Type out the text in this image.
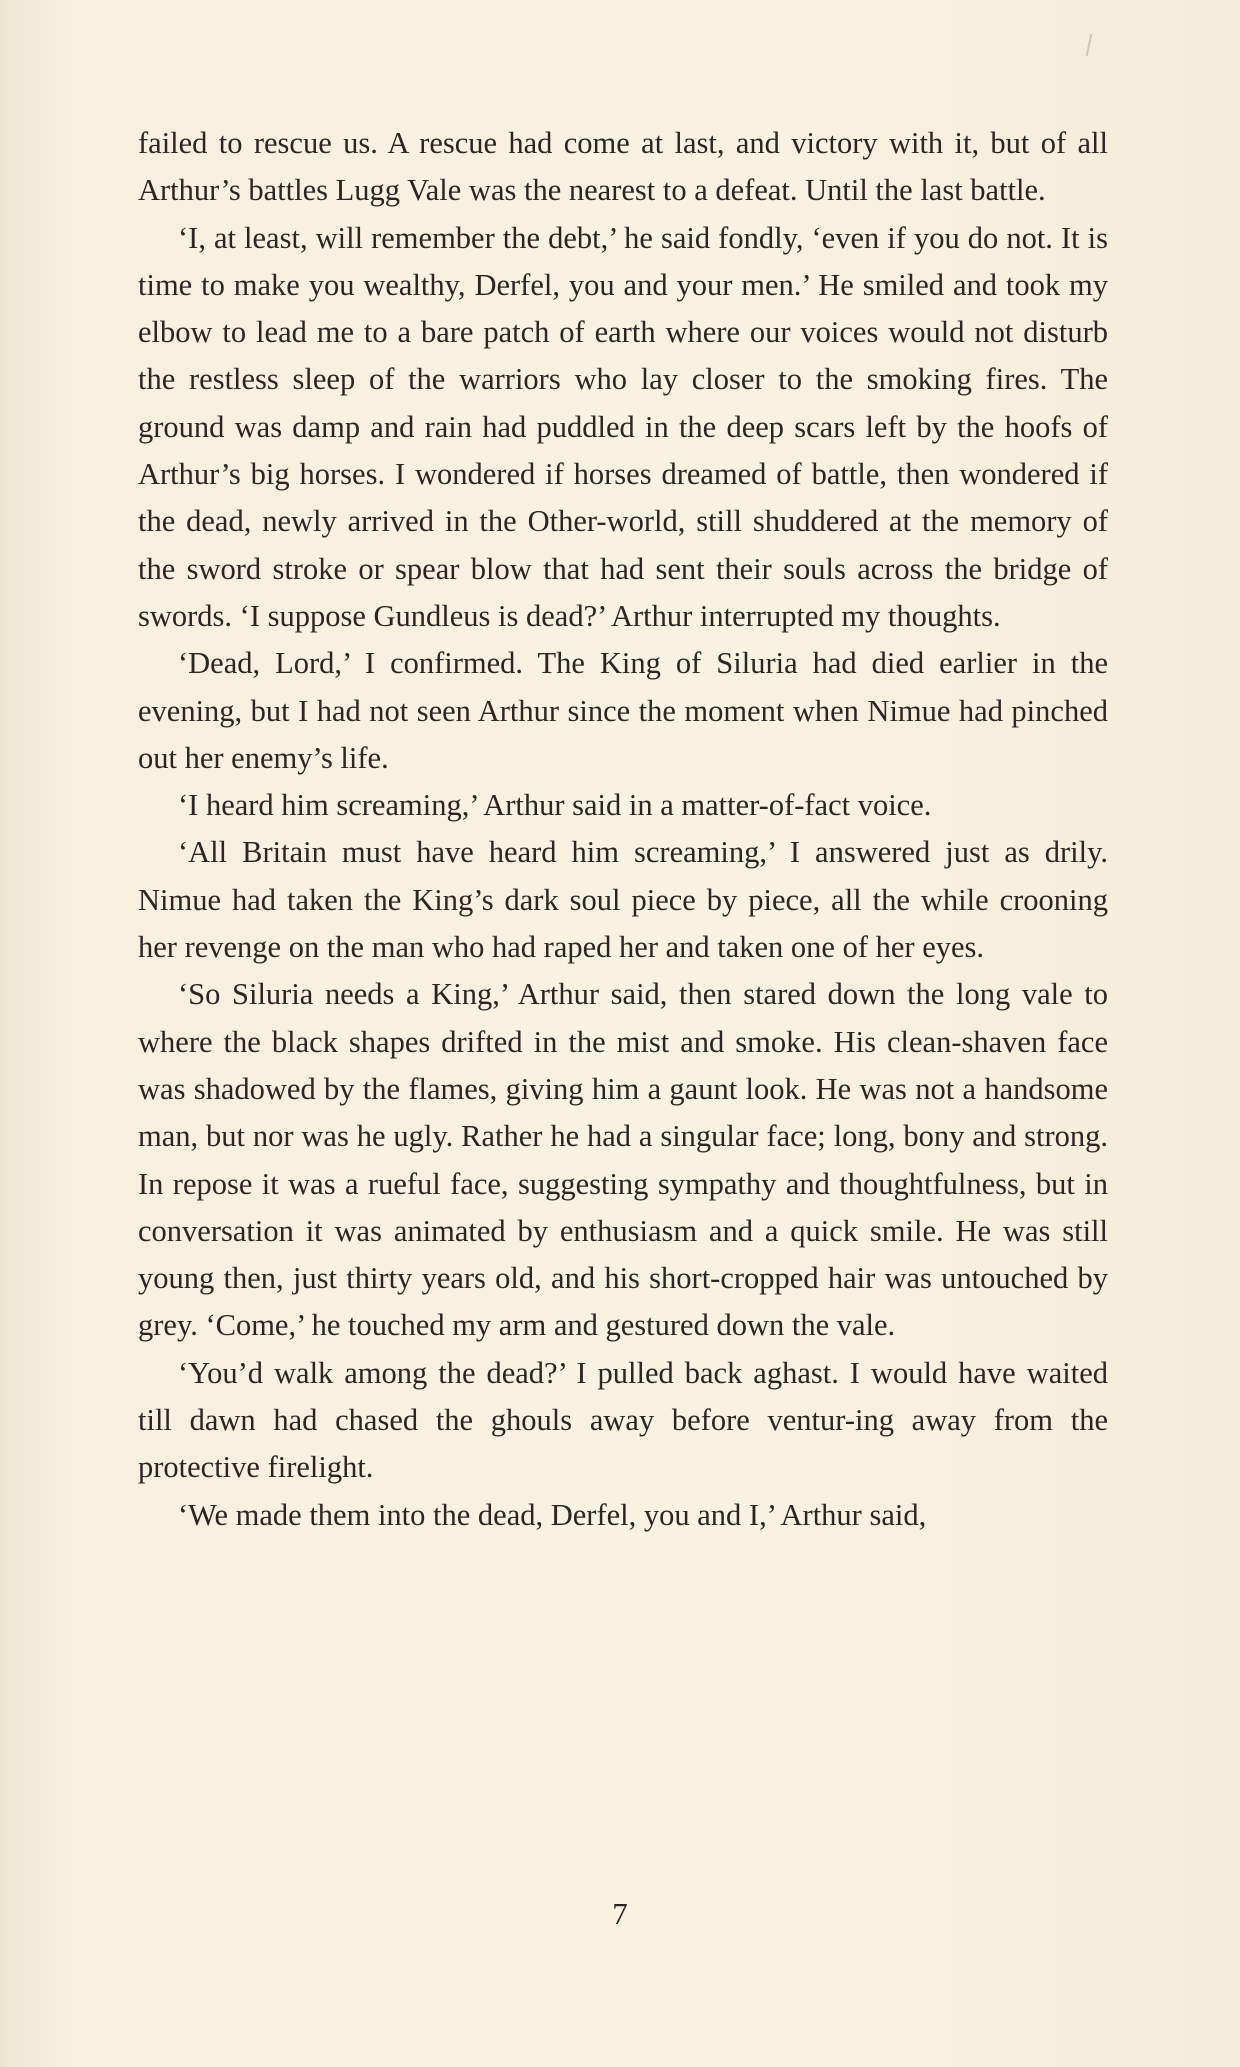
failed to rescue us. A rescue had come at last, and victory with it, but of all Arthur’s battles Lugg Vale was the nearest to a defeat. Until the last battle.

‘I, at least, will remember the debt,’ he said fondly, ‘even if you do not. It is time to make you wealthy, Derfel, you and your men.’ He smiled and took my elbow to lead me to a bare patch of earth where our voices would not disturb the restless sleep of the warriors who lay closer to the smoking fires. The ground was damp and rain had puddled in the deep scars left by the hoofs of Arthur’s big horses. I wondered if horses dreamed of battle, then wondered if the dead, newly arrived in the Other-world, still shuddered at the memory of the sword stroke or spear blow that had sent their souls across the bridge of swords. ‘I suppose Gundleus is dead?’ Arthur interrupted my thoughts.

‘Dead, Lord,’ I confirmed. The King of Siluria had died earlier in the evening, but I had not seen Arthur since the moment when Nimue had pinched out her enemy’s life.

‘I heard him screaming,’ Arthur said in a matter-of-fact voice.

‘All Britain must have heard him screaming,’ I answered just as drily. Nimue had taken the King’s dark soul piece by piece, all the while crooning her revenge on the man who had raped her and taken one of her eyes.

‘So Siluria needs a King,’ Arthur said, then stared down the long vale to where the black shapes drifted in the mist and smoke. His clean-shaven face was shadowed by the flames, giving him a gaunt look. He was not a handsome man, but nor was he ugly. Rather he had a singular face; long, bony and strong. In repose it was a rueful face, suggesting sympathy and thoughtfulness, but in conversation it was animated by enthusiasm and a quick smile. He was still young then, just thirty years old, and his short-cropped hair was untouched by grey. ‘Come,’ he touched my arm and gestured down the vale.

‘You’d walk among the dead?’ I pulled back aghast. I would have waited till dawn had chased the ghouls away before ventur-ing away from the protective firelight.

‘We made them into the dead, Derfel, you and I,’ Arthur said,

7
